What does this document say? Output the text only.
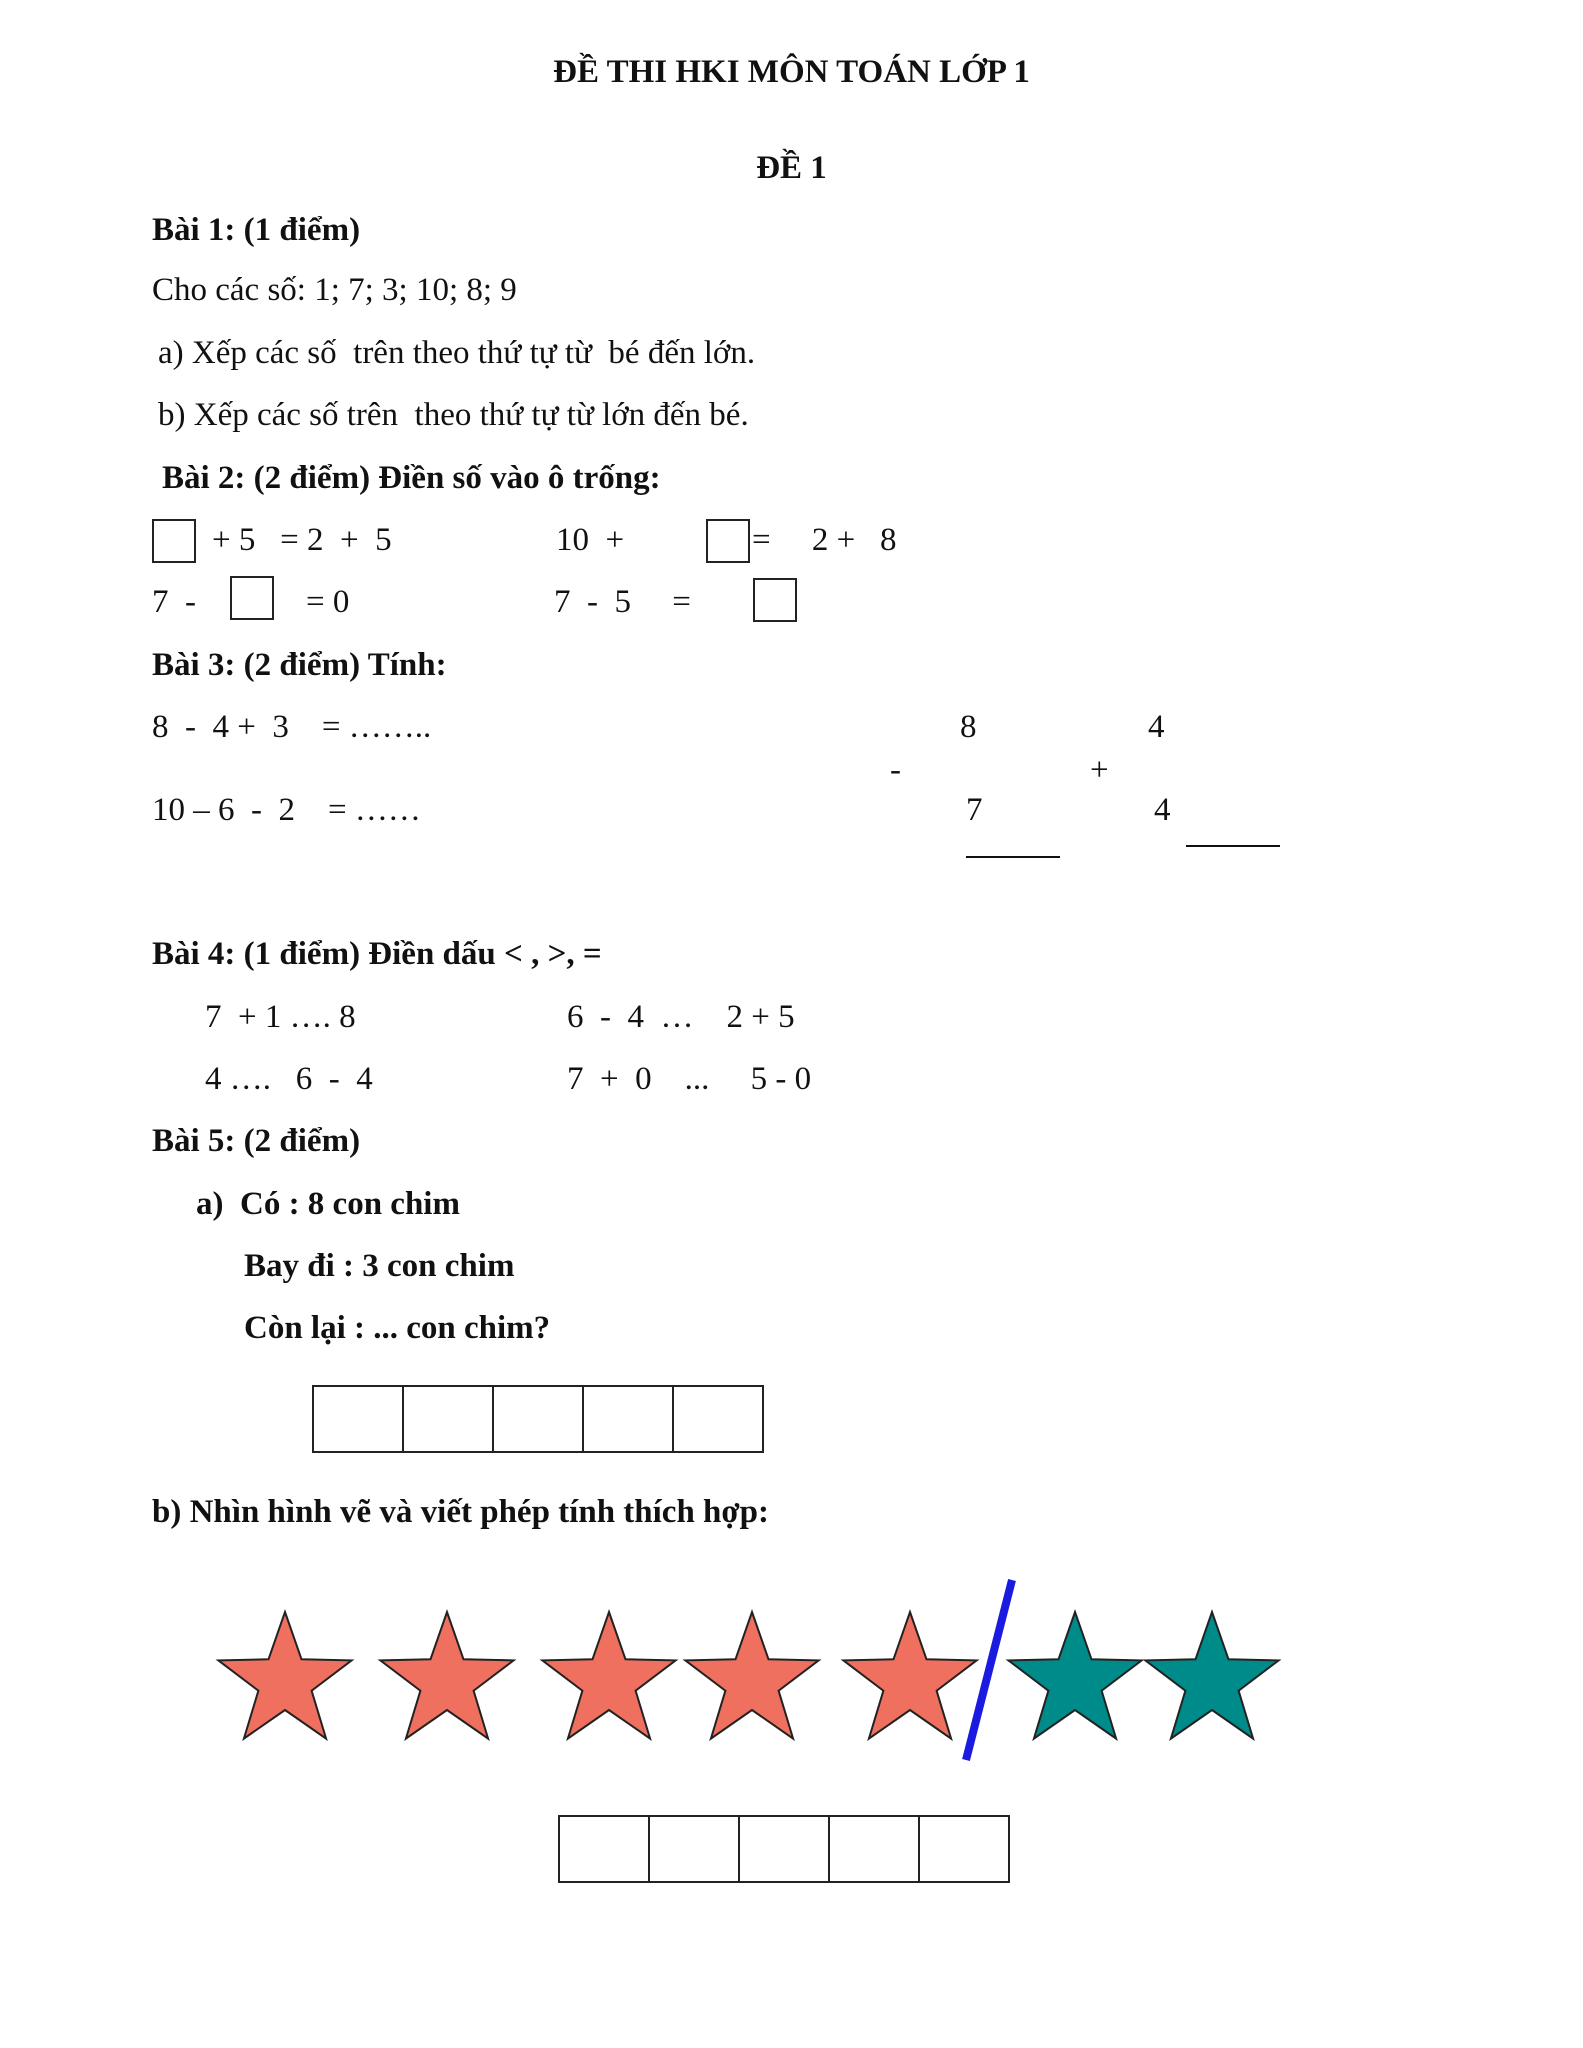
ĐỀ THI HKI MÔN TOÁN LỚP 1
ĐỀ 1
Bài 1: (1 điểm)
Cho các số: 1; 7; 3; 10; 8; 9
a) Xếp các số  trên theo thứ tự từ  bé đến lớn.
b) Xếp các số trên  theo thứ tự từ lớn đến bé.
Bài 2: (2 điểm) Điền số vào ô trống:
+ 5   = 2  +  5	10  +	=     2 +   8
7  -	= 0	7  -  5     =
Bài 3: (2 điểm) Tính:
8  -  4 +  3    = ……..
10 – 6  -  2    = ……
8
-
7
4
+
4
Bài 4: (1 điểm) Điền dấu < , >, =
7  + 1 …. 8	6  -  4  …    2 + 5
4 ….   6  -  4	7  +  0    ...     5 - 0
Bài 5: (2 điểm)
a)  Có : 8 con chim
Bay đi : 3 con chim
Còn lại : ... con chim?
b) Nhìn hình vẽ và viết phép tính thích hợp:
